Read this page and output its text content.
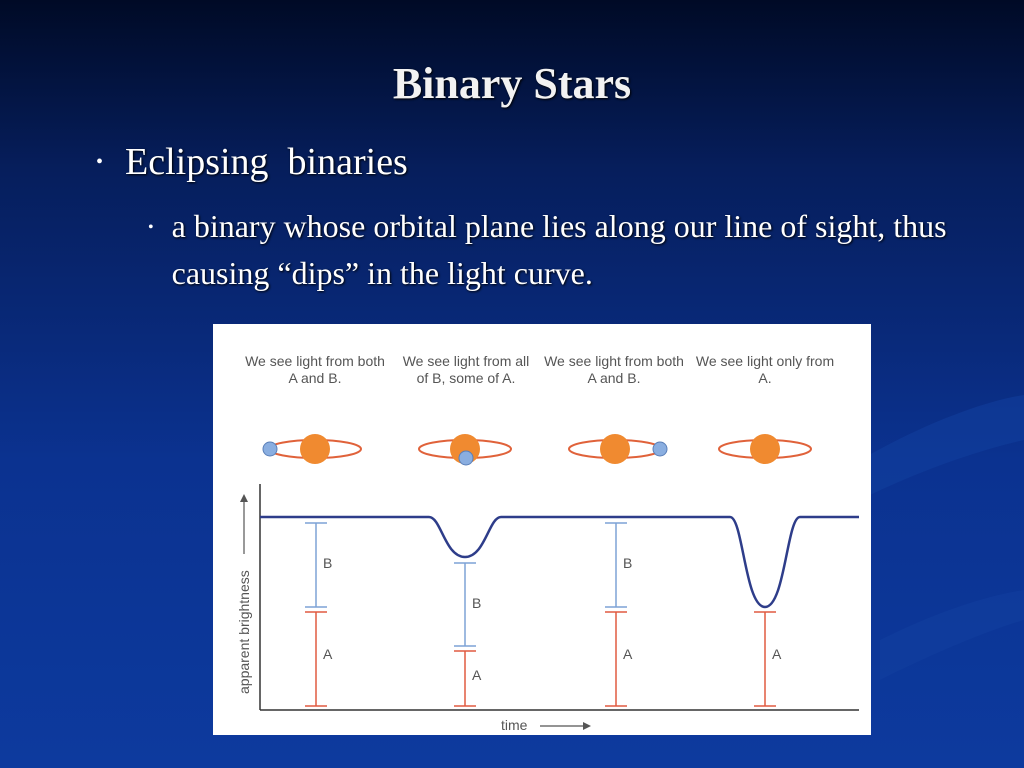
Binary Stars
• Eclipsing  binaries
• a binary whose orbital plane lies along our line of sight, thus causing “dips” in the light curve.
apparent brightness
time
B
A
B
A
B
A	A
We see light from both A and B.
We see light from all of B, some of A.
We see light from both A and B.
We see light only from A.
